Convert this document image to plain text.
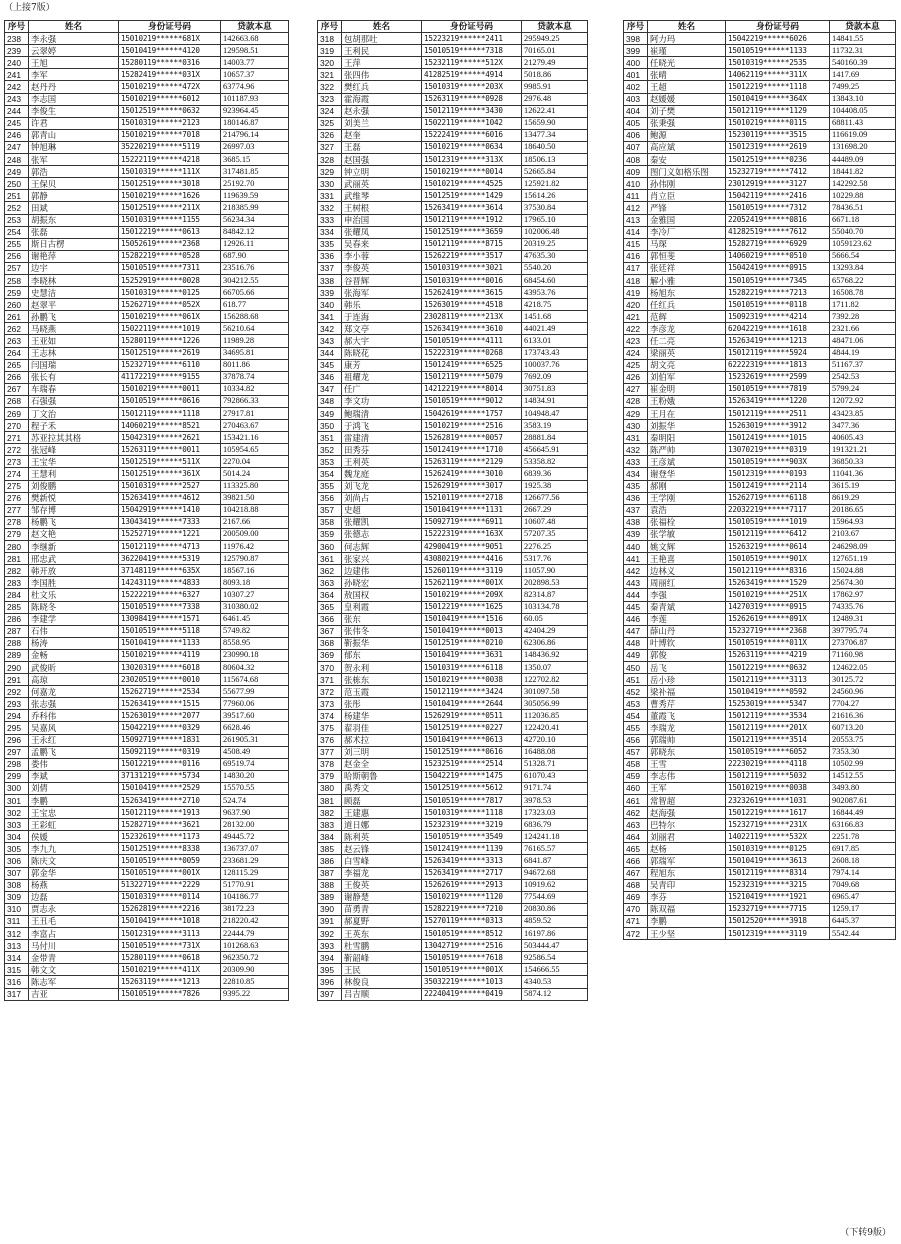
（上接7版）
序号	姓名	身份证号码	贷款本息
238	李永强	15010219******681X	142663.68
239	云翠婷	15010419******4120	129598.51
240	王旭	15280119******0316	14003.77
241	李军	15282419******031X	10657.37
242	赵丹丹	15010219******472X	63774.96
243	李志国	15010219******6012	101187.93
244	李俊生	15012519******0632	923964.45
245	许君	15010319******2123	180146.87
246	郭青山	15010219******7018	214796.14
247	钟旭琳	35220219******5119	26997.03
248	张军	15222119******4218	3685.15
249	郭浩	15010319******111X	317481.85
250	王保贝	15012519******3018	25192.70
251	郭静	15010219******1626	119639.59
252	田斌	15012519******211X	218385.99
253	胡振东	15010319******1155	56234.34
254	张磊	15012219******0613	84842.12
255	斯日古楞	15052619******2368	12926.11
256	谢艳萍	15282219******0528	687.90
257	边宇	15010519******7311	23516.76
258	李晓林	15252919******0028	304212.55
259	史慧洁	15010319******0125	66705.66
260	赵翠平	15262719******052X	618.77
261	孙鹏飞	15010219******061X	156288.68
262	马晓燕	15022119******1019	56210.64
263	王亚如	15280119******1226	11989.28
264	王志林	15012519******2619	34695.81
265	闫国瑞	15232719******6110	8011.86
266	张长有	41172219******9155	37878.74
267	车瑞春	15010219******0011	10334.82
268	石强强	15010519******0616	792866.33
269	丁文治	15012119******1118	27917.81
270	程子禾	14060219******8521	270463.67
271	苏亚拉其其格	15042319******2621	153421.16
272	张冠峰	15263119******0011	105954.65
273	王宝华	15012519******511X	2270.04
274	王慧利	15012519******361X	5014.24
275	刘俊鹏	15010319******2527	113325.80
276	樊新悦	15263419******4612	39821.50
277	邹存博	15042919******1410	104218.88
278	杨鹏飞	13043419******7333	2167.66
279	赵文艳	15252719******1221	200509.00
280	李继新	15012119******4713	11976.42
281	邢忠武	36220419******5319	125790.87
282	韩开放	37148119******635X	18567.16
283	李国胜	14243119******4833	8093.18
284	杜文乐	15222219******6327	10307.27
285	陈晓冬	15010519******7338	310380.02
286	李建学	13098419******1571	6461.45
287	石伟	15010519******5118	5749.82
288	杨涛	15010419******1133	8558.95
289	金畅	15010219******4119	230990.18
290	武俊昕	13020319******6018	80604.32
291	高琼	23020519******0010	115674.68
292	何嘉龙	15262719******2534	55677.99
293	张志强	15263419******1515	77960.06
294	乔科伟	15263019******2077	39517.60
295	吴嘉风	15042219******0329	6628.46
296	王永红	15092719******1831	261905.31
297	孟鹏飞	15092119******0319	4508.49
298	娄伟	15012219******0116	69519.74
299	李斌	37131219******5734	14830.20
300	刘倩	15010419******2529	15570.55
301	李鹏	15263419******2710	524.74
302	王宝忠	15012119******1913	9637.90
303	王彩虹	15282719******3621	28132.00
304	侯媛	15232619******1173	49445.72
305	李九九	15012519******8338	136737.07
306	陈庆文	15010519******0059	233681.29
307	郭金华	15010519******001X	128115.29
308	杨燕	51322719******2229	51770.91
309	边磊	15010319******0114	104186.77
310	贾志永	15262819******2216	38172.23
311	王丑毛	15010419******1018	218220.42
312	李富占	15012319******3113	22444.79
313	马付川	15010519******731X	101268.63
314	金带青	15280119******0618	962350.72
315	韩文文	15010219******411X	20309.90
316	陈志军	15263119******1213	22810.85
317	吉亚	15010519******7826	9395.22
序号	姓名	身份证号码	贷款本息
318	包胡那吐	15223219******2411	295949.25
319	王利民	15010519******7318	70165.01
320	王萍	15232119******512X	21279.49
321	张四伟	41282519******4914	5018.86
322	樊红兵	15010319******203X	9985.91
323	霍海霞	15263119******0928	2976.48
324	赵永强	15012119******3430	12622.41
325	刘美兰	15022119******1042	15659.90
326	赵奎	15222419******6016	13477.34
327	王磊	15010219******0634	18640.50
328	赵国强	15012319******313X	18506.13
329	钟立明	15010219******0014	52665.84
330	武丽英	15010219******4525	125921.82
331	武维琴	15012519******1429	15614.26
332	王树根	15263419******3614	37530.84
333	申治国	15012119******1912	17965.10
334	张耀凤	15012519******3659	102006.48
335	吴春来	15012119******8715	20319.25
336	李小蓉	15262219******3517	47635.30
337	李俊英	15010319******3021	5540.20
338	谷晋辉	15010319******0016	68454.60
339	张海军	15262419******3615	43953.76
340	韩乐	15263019******4518	4218.75
341	于连海	23028119******213X	1451.68
342	郑文亭	15263419******3610	44021.49
343	郝大宇	15010519******4111	6133.01
344	陈晓花	15222319******0268	173743.43
345	康芳	15012419******6525	100037.76
346	祖耀龙	15012119******5079	7692.09
347	任广	14212219******8014	30751.83
348	李文功	15010519******9012	14834.91
349	鲍瑞清	15042619******1757	104948.47
350	于鸿飞	15010219******2516	3583.19
351	雷建清	15262819******0057	28881.84
352	田秀芬	15012419******1710	456645.91
353	王利英	15263119******2129	53358.82
354	魏龙庭	15262419******3010	6839.36
355	刘飞龙	15262919******3017	1925.38
356	刘尚占	15210119******2718	126677.56
357	史超	15010419******1131	2667.29
358	张耀凯	15092719******6911	10607.48
359	张德志	15222319******163X	57207.35
360	何志辉	42900419******9051	2276.25
361	张家兴	43080219******4416	5317.76
362	边建伟	15260119******3119	11057.90
363	孙晓宏	15262119******001X	202898.53
364	敖国权	15010219******209X	82314.87
365	皇利霞	15012219******1625	103134.78
366	张东	15010419******1516	60.05
367	张伟冬	15010419******0013	42404.29
368	靳振华	15012519******0210	62306.86
369	郁东	15010419******3631	148436.92
370	贺永利	15010319******6118	1350.07
371	张栋东	15010219******0038	122702.82
372	范玉霞	15012119******3424	301097.58
373	张彤	15010419******2644	305056.99
374	杨建华	15262919******0511	112036.85
375	翟羽佳	15012519******0227	122420.41
376	郝术拉	15010419******0613	42720.10
377	刘三明	15012519******0616	16488.08
378	赵金全	15232519******2514	51328.71
379	哈斯朝鲁	15042219******1475	61070.43
380	禹秀文	15012519******5612	9171.74
381	顾磊	15010519******7817	3978.53
382	王建惠	15010319******1118	17323.03
383	道日娜	15232319******3219	6836.79
384	陈利英	15010519******3549	124241.18
385	赵云锋	15012419******1139	76165.57
386	白雪峰	15263419******3313	6841.87
387	李福龙	15263419******2717	94672.68
388	王俊英	15262619******2913	10919.62
389	谢静楚	15010219******1120	77544.69
390	苗勇青	15282219******7210	20830.86
391	郝夏野	15270119******0313	4859.52
392	王英东	15010519******8512	16197.86
393	杜雪鹏	13042719******2516	503444.47
394	靳韶峰	15010519******7618	92586.54
395	王民	15010519******001X	154666.55
396	林俊良	35032219******1013	4340.53
397	吕吉顺	22240419******0419	5874.12
序号	姓名	身份证号码	贷款本息
398	阿力玛	15042219******6026	14841.55
399	崔瑾	15010519******1133	11732.31
400	任晓光	15010319******2535	540160.39
401	张晴	14062119******311X	1417.69
402	王超	15012219******1118	7499.25
403	赵媛媛	15010419******364X	13843.10
404	刘子樊	15012119******1129	104408.05
405	张秉强	15010219******0115	68811.43
406	鲍源	15230119******3515	116619.09
407	高应斌	15012319******2619	131698.20
408	秦安	15012519******0236	44489.09
409	图门义如格乐图	15232719******7412	18441.82
410	孙伟刚	23012919******3127	142292.58
411	肖立臣	15042119******2416	10229.88
412	严锋	15010519******7312	78436.51
413	金雅国	22052419******0816	6671.18
414	李冷厂	41282519******7612	55040.70
415	马琛	15282719******6929	1059123.62
416	郭恒斐	14060219******0510	5666.54
417	张廷祥	15042419******0915	13293.84
418	解小雅	15010519******7345	65768.22
419	杨旭东	15282219******7213	16508.78
420	任红兵	15010519******0118	1711.82
421	范辉	15092319******4214	7392.28
422	李彦龙	62042219******1618	2321.66
423	任二亮	15263419******1213	48471.06
424	梁丽英	15012119******5924	4844.19
425	胡文亮	62222319******1813	51167.37
426	刘伯军	15232619******2599	2542.53
427	崔金明	15010519******7819	5799.24
428	王粉娥	15263419******1220	12072.92
429	王月在	15012119******2511	43423.85
430	刘振华	15263019******3912	3477.36
431	秦明阳	15012419******1015	40605.43
432	陈严帅	13070219******0319	191321.21
433	王彦斌	15010519******903X	36850.33
434	谢登华	15012319******0193	11041.36
435	郝刚	15012419******2114	3615.19
436	王学刚	15262719******6118	8619.29
437	袁浩	22032219******7117	20186.65
438	张福栓	15010519******1019	15964.93
439	张学敏	15012119******6412	2103.67
440	姚文辉	15263219******0614	246298.09
441	王艳喜	15010519******901X	127651.19
442	边林义	15012119******8316	15024.88
443	周丽红	15263419******1529	25674.30
444	李强	15010219******251X	17862.97
445	秦青斌	14270319******0915	74335.76
446	李莲	15262619******091X	12489.31
447	薛山丹	15232719******2368	397795.74
448	叶博钦	15010519******011X	273706.87
449	郭俊	15263119******4219	71160.98
450	岳飞	15012219******0632	124622.05
451	岳小珍	15012119******3113	30125.72
452	梁补福	15010419******0592	24560.96
453	曹秀芹	15253019******5347	7704.27
454	董霞飞	15012119******3534	21616.36
455	李瑞龙	15012119******201X	60713.20
456	郭瑞帅	15012119******3514	20553.75
457	郭晓东	15010519******6052	7353.30
458	王雪	22230219******4118	10502.99
459	李志伟	15012119******5032	14512.55
460	王军	15010219******0038	3493.80
461	常智超	23232619******1031	902087.61
462	赵海强	15012219******1617	16844.49
463	巴特尔	15232719******231X	63166.83
464	刘丽君	14022119******532X	2251.78
465	赵杨	15010319******0125	6917.85
466	郭瑞军	15010419******3613	2608.18
467	程旭东	15012119******8314	7974.14
468	吴青印	15232319******3215	7049.68
469	李芬	15210419******1921	6965.47
470	陈双福	15232719******7715	1259.17
471	李鹏	15012520******3918	6445.37
472	王少坚	15012319******3119	5542.44
（下转9版）
